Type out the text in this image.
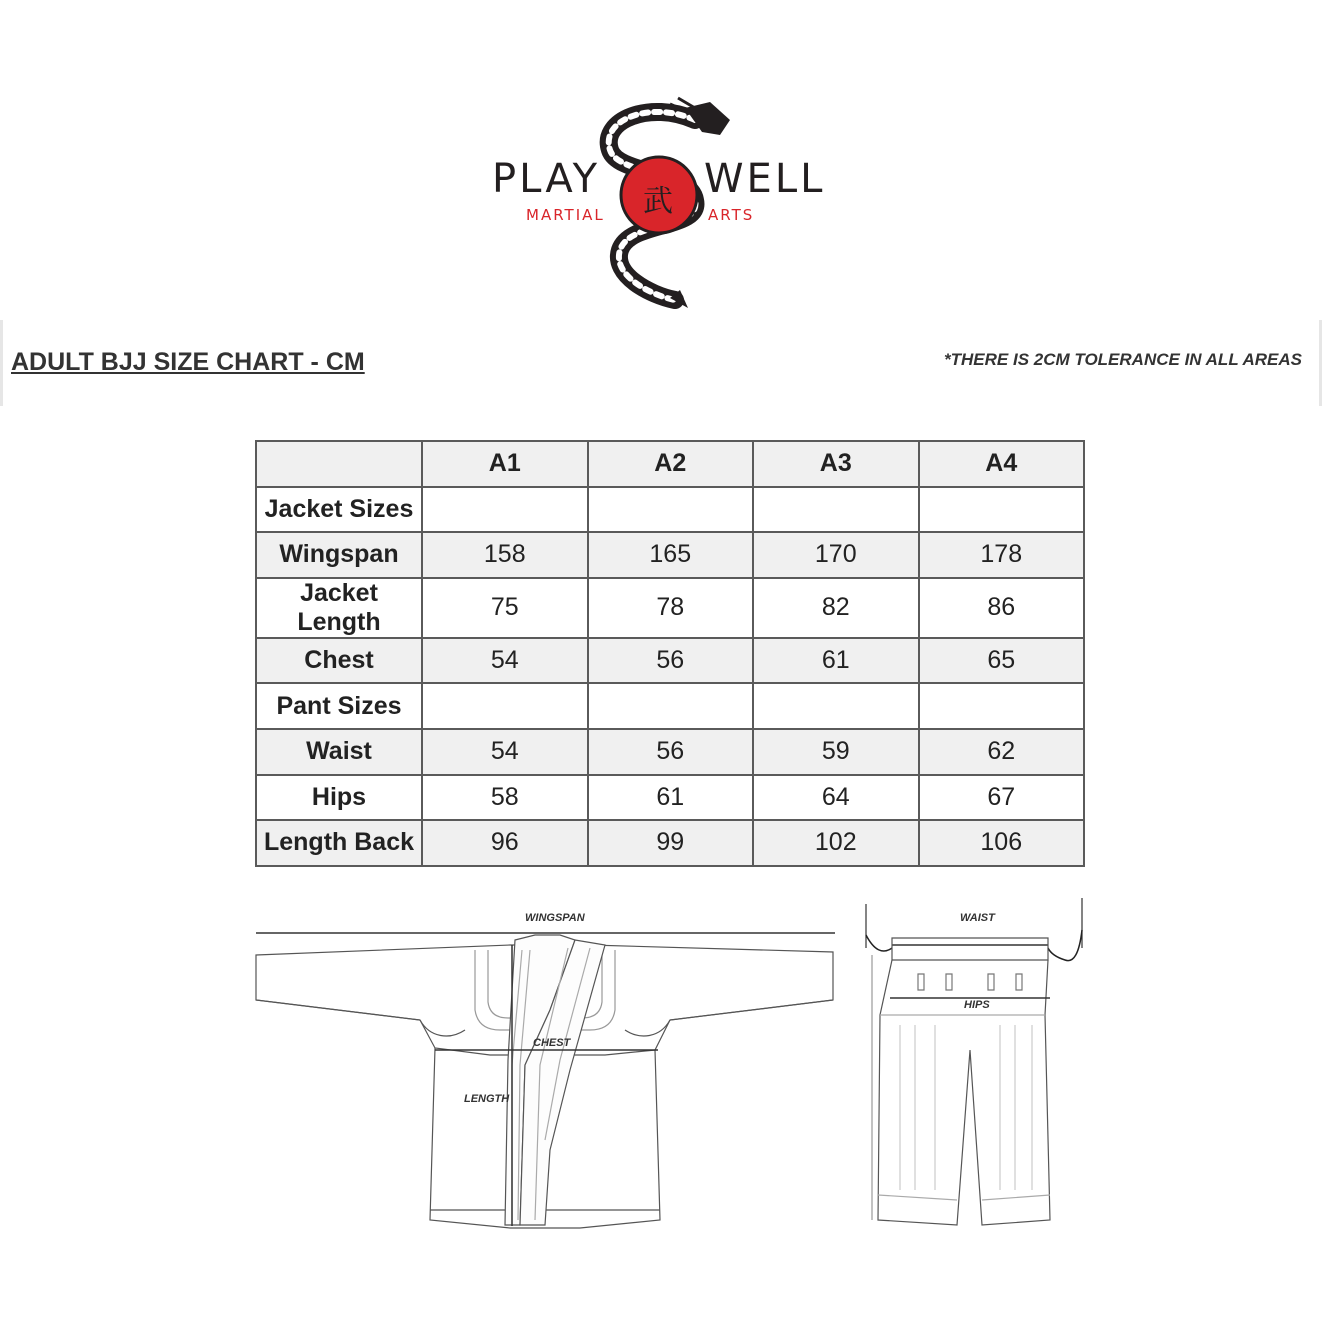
PLAY	WELL
MARTIAL	ARTS
武
ADULT BJJ SIZE CHART - CM	*THERE IS 2CM TOLERANCE IN ALL AREAS
	A1	A2	A3	A4
Jacket Sizes				
Wingspan	158	165	170	178
Jacket Length	75	78	82	86
Chest	54	56	61	65
Pant Sizes				
Waist	54	56	59	62
Hips	58	61	64	67
Length Back	96	99	102	106
WINGSPAN
CHEST
LENGTH
WAIST
HIPS
